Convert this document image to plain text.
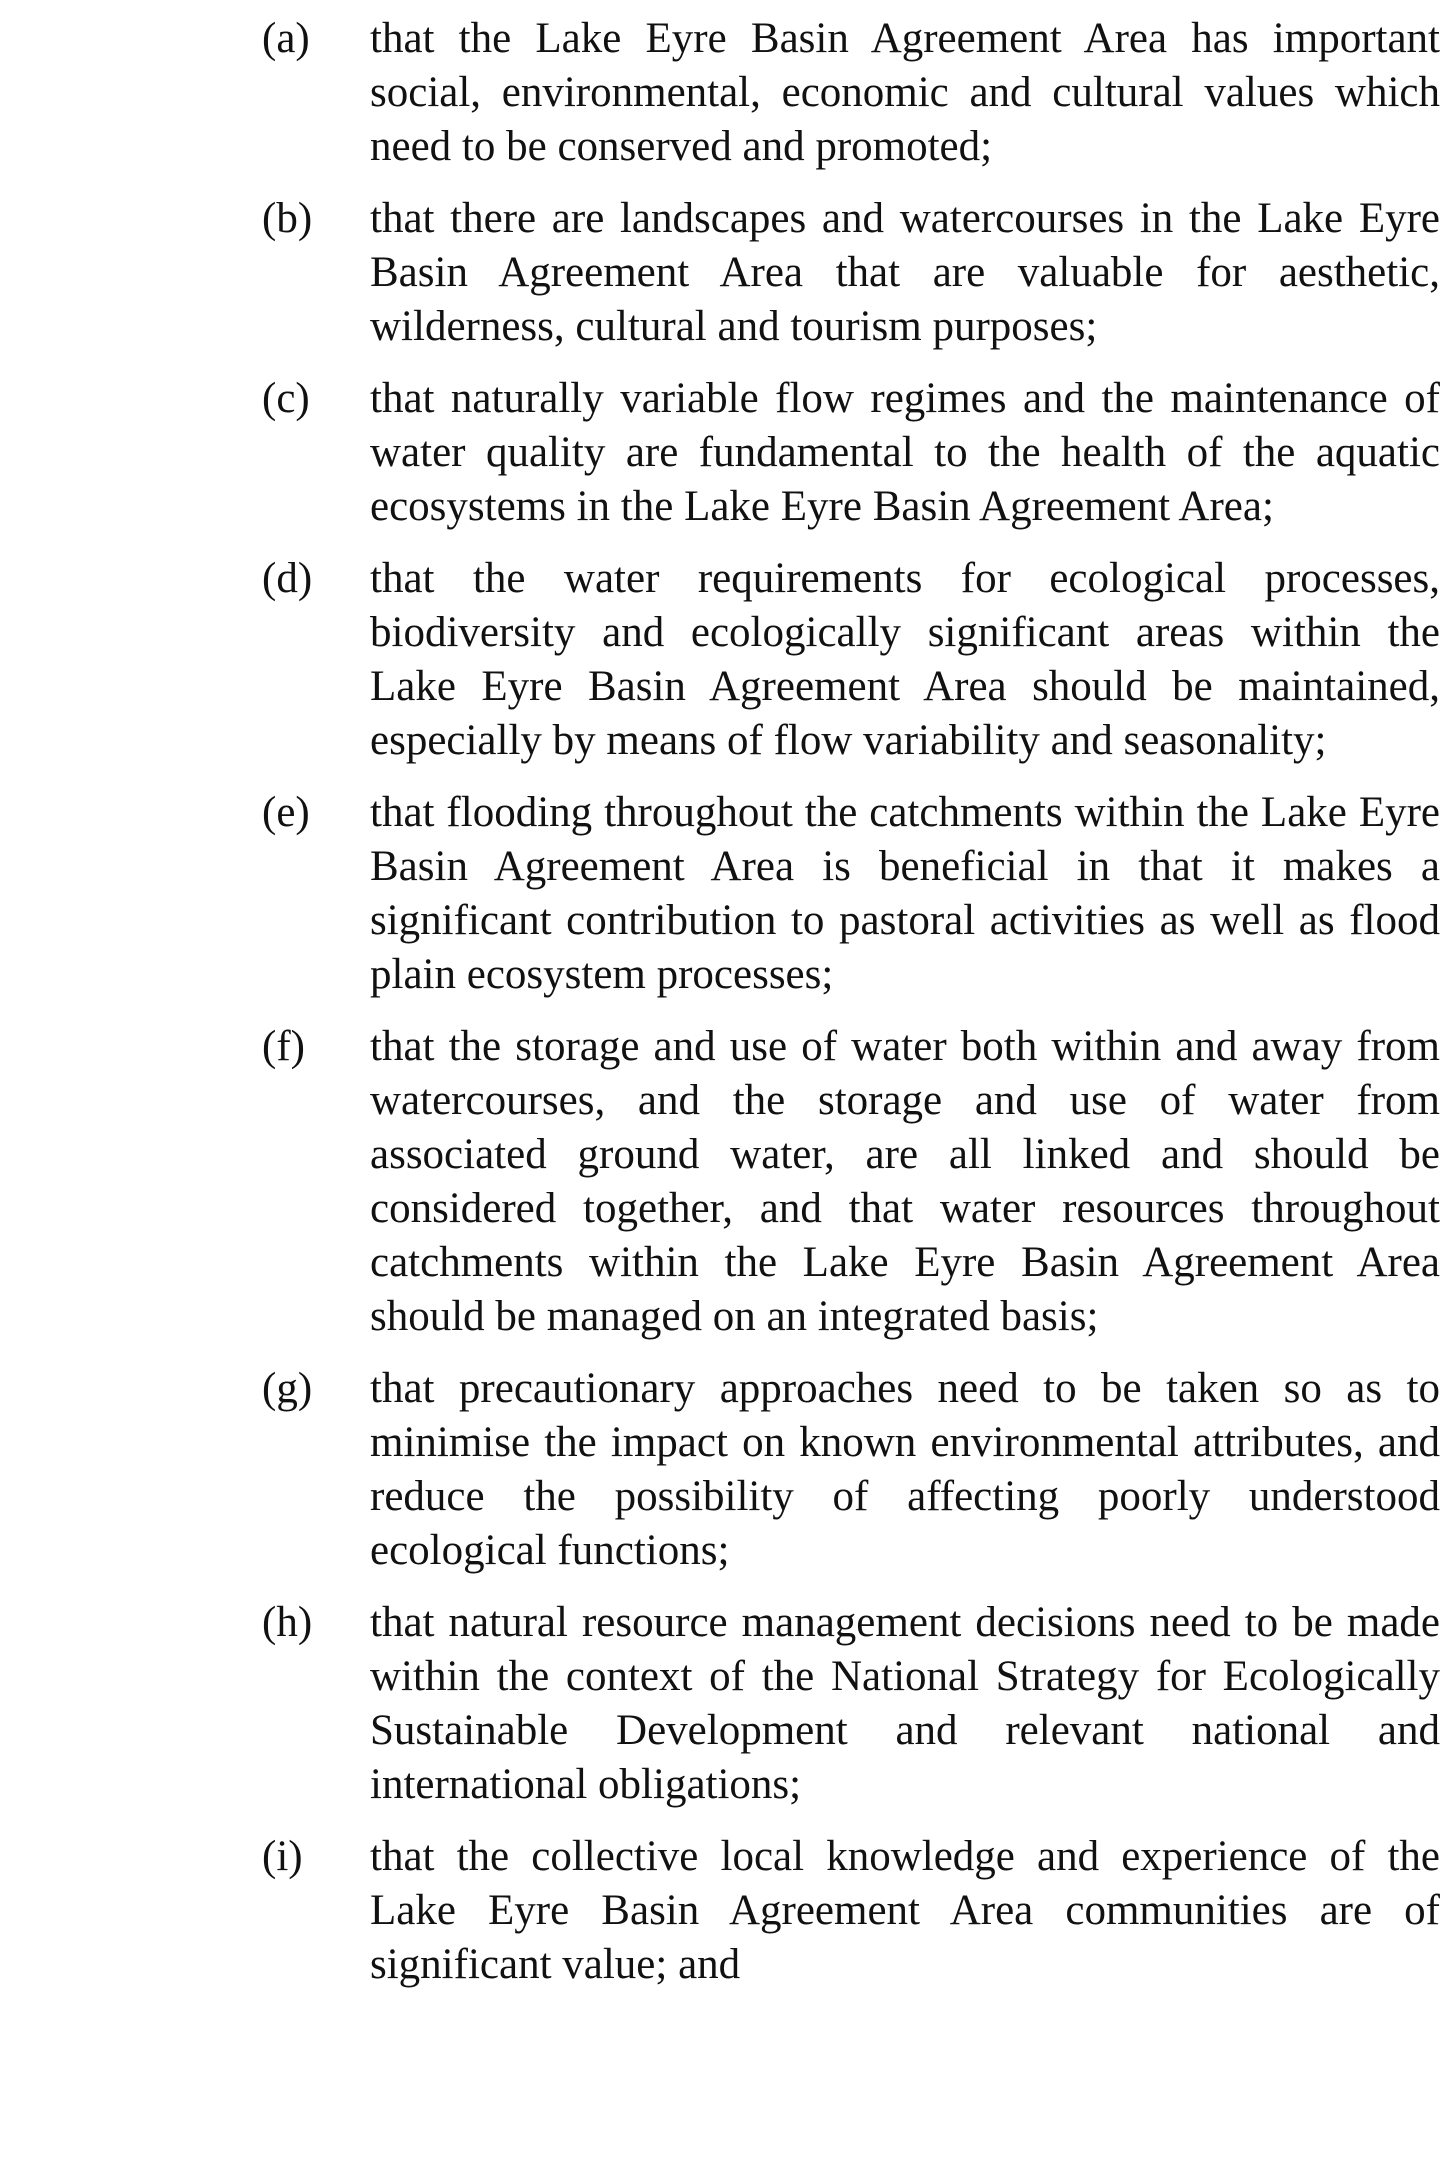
(a)	that the Lake Eyre Basin Agreement Area has important social, environmental, economic and cultural values which need to be conserved and promoted;
(b)	that there are landscapes and watercourses in the Lake Eyre Basin Agreement Area that are valuable for aesthetic, wilderness, cultural and tourism purposes;
(c)	that naturally variable flow regimes and the maintenance of water quality are fundamental to the health of the aquatic ecosystems in the Lake Eyre Basin Agreement Area;
(d)	that the water requirements for ecological processes, biodiversity and ecologically significant areas within the Lake Eyre Basin Agreement Area should be maintained, especially by means of flow variability and seasonality;
(e)	that flooding throughout the catchments within the Lake Eyre Basin Agreement Area is beneficial in that it makes a significant contribution to pastoral activities as well as flood plain ecosystem processes;
(f)	that the storage and use of water both within and away from watercourses, and the storage and use of water from associated ground water, are all linked and should be considered together, and that water resources throughout catchments within the Lake Eyre Basin Agreement Area should be managed on an integrated basis;
(g)	that precautionary approaches need to be taken so as to minimise the impact on known environmental attributes, and reduce the possibility of affecting poorly understood ecological functions;
(h)	that natural resource management decisions need to be made within the context of the National Strategy for Ecologically Sustainable Development and relevant national and international obligations;
(i)	that the collective local knowledge and experience of the Lake Eyre Basin Agreement Area communities are of significant value; and
